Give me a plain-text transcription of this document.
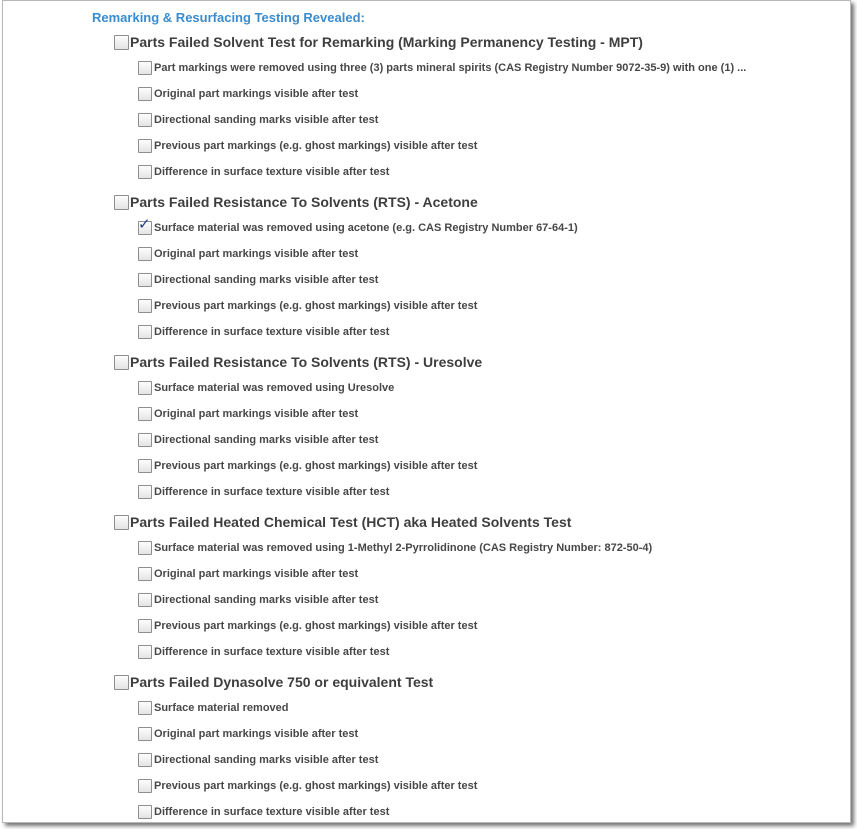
Remarking & Resurfacing Testing Revealed:
Parts Failed Solvent Test for Remarking (Marking Permanency Testing - MPT)
Part markings were removed using three (3) parts mineral spirits (CAS Registry Number 9072-35-9) with one (1) ...
Original part markings visible after test
Directional sanding marks visible after test
Previous part markings (e.g. ghost markings) visible after test
Difference in surface texture visible after test
Parts Failed Resistance To Solvents (RTS) - Acetone
✓ Surface material was removed using acetone (e.g. CAS Registry Number 67-64-1)
Original part markings visible after test
Directional sanding marks visible after test
Previous part markings (e.g. ghost markings) visible after test
Difference in surface texture visible after test
Parts Failed Resistance To Solvents (RTS) - Uresolve
Surface material was removed using Uresolve
Original part markings visible after test
Directional sanding marks visible after test
Previous part markings (e.g. ghost markings) visible after test
Difference in surface texture visible after test
Parts Failed Heated Chemical Test (HCT) aka Heated Solvents Test
Surface material was removed using 1-Methyl 2-Pyrrolidinone (CAS Registry Number: 872-50-4)
Original part markings visible after test
Directional sanding marks visible after test
Previous part markings (e.g. ghost markings) visible after test
Difference in surface texture visible after test
Parts Failed Dynasolve 750 or equivalent Test
Surface material removed
Original part markings visible after test
Directional sanding marks visible after test
Previous part markings (e.g. ghost markings) visible after test
Difference in surface texture visible after test
